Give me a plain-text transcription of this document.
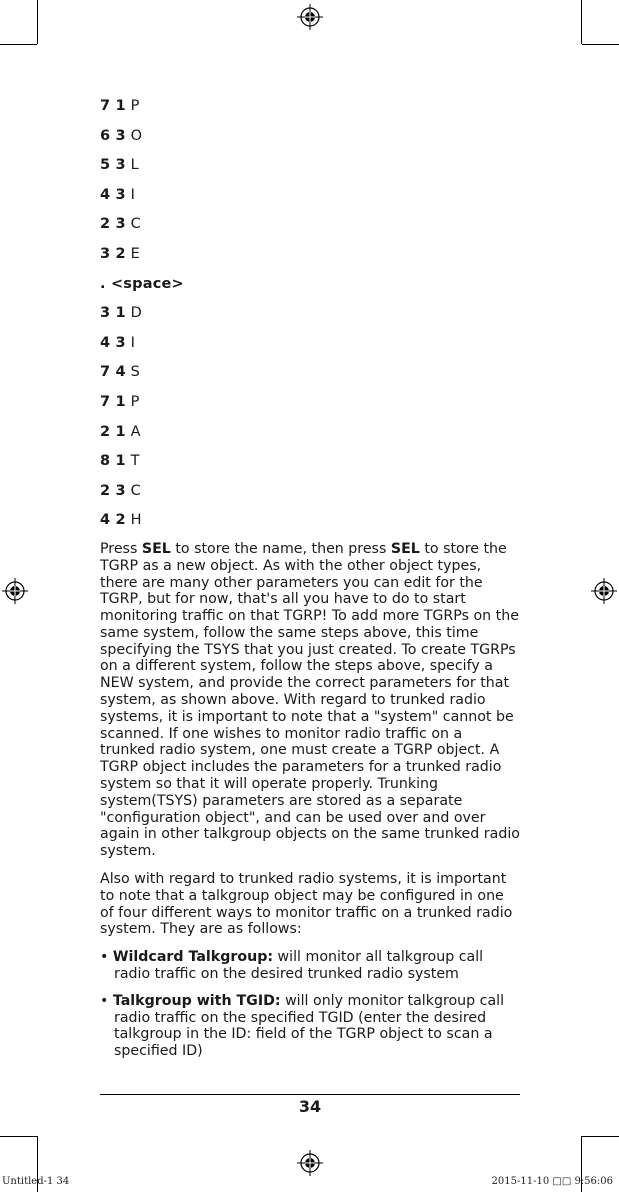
7 1 P
6 3 O
5 3 L
4 3 I
2 3 C
3 2 E
. <space>
3 1 D
4 3 I
7 4 S
7 1 P
2 1 A
8 1 T
2 3 C
4 2 H

Press SEL to store the name, then press SEL to store the TGRP as a new object. As with the other object types, there are many other parameters you can edit for the TGRP, but for now, that's all you have to do to start monitoring traffic on that TGRP! To add more TGRPs on the same system, follow the same steps above, this time specifying the TSYS that you just created. To create TGRPs on a different system, follow the steps above, specify a NEW system, and provide the correct parameters for that system, as shown above. With regard to trunked radio systems, it is important to note that a "system" cannot be scanned. If one wishes to monitor radio traffic on a trunked radio system, one must create a TGRP object. A TGRP object includes the parameters for a trunked radio system so that it will operate properly. Trunking system(TSYS) parameters are stored as a separate "configuration object", and can be used over and over again in other talkgroup objects on the same trunked radio system.

Also with regard to trunked radio systems, it is important to note that a talkgroup object may be configured in one of four different ways to monitor traffic on a trunked radio system. They are as follows:

• Wildcard Talkgroup: will monitor all talkgroup call radio traffic on the desired trunked radio system
• Talkgroup with TGID: will only monitor talkgroup call radio traffic on the specified TGID (enter the desired talkgroup in the ID: field of the TGRP object to scan a specified ID)
34
Untitled-1 34	2015-11-10 □□ 9:56:06
